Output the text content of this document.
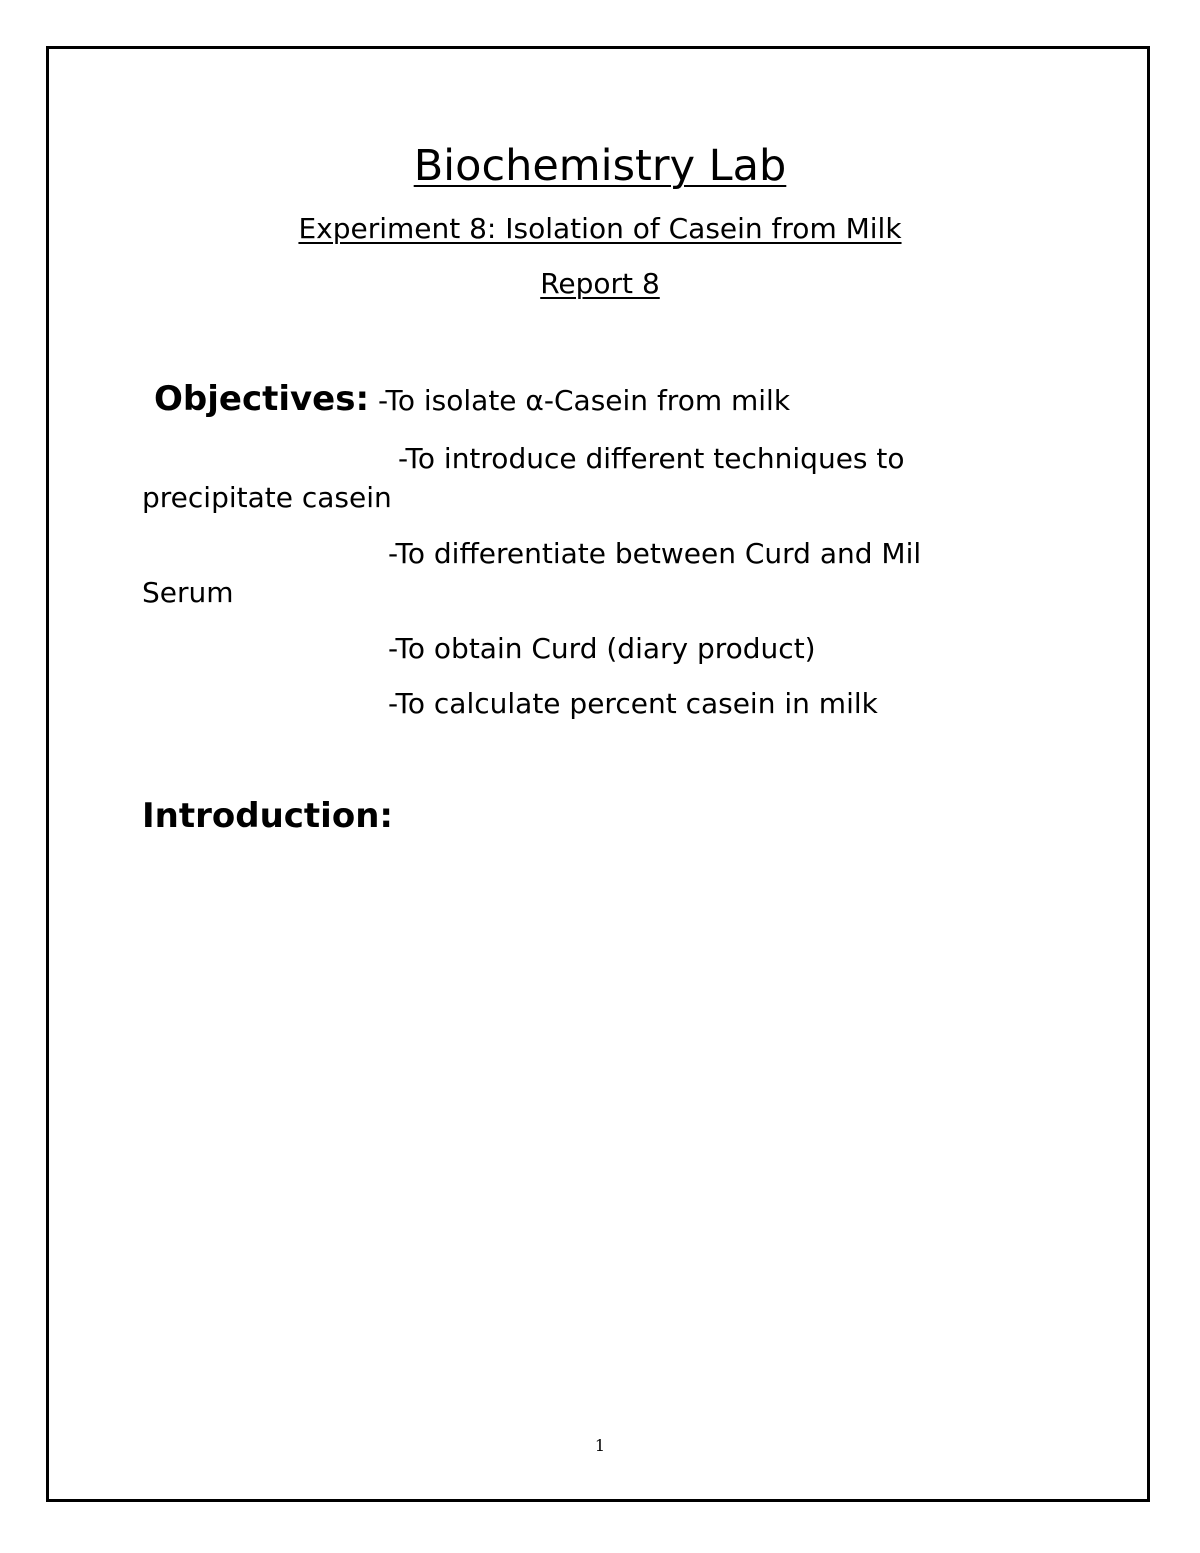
Biochemistry Lab
Experiment 8: Isolation of Casein from Milk
Report 8
Objectives: -To isolate α-Casein from milk
-To introduce different techniques to
precipitate casein
-To differentiate between Curd and Mil
Serum
-To obtain Curd (diary product)
-To calculate percent casein in milk
Introduction:
1
